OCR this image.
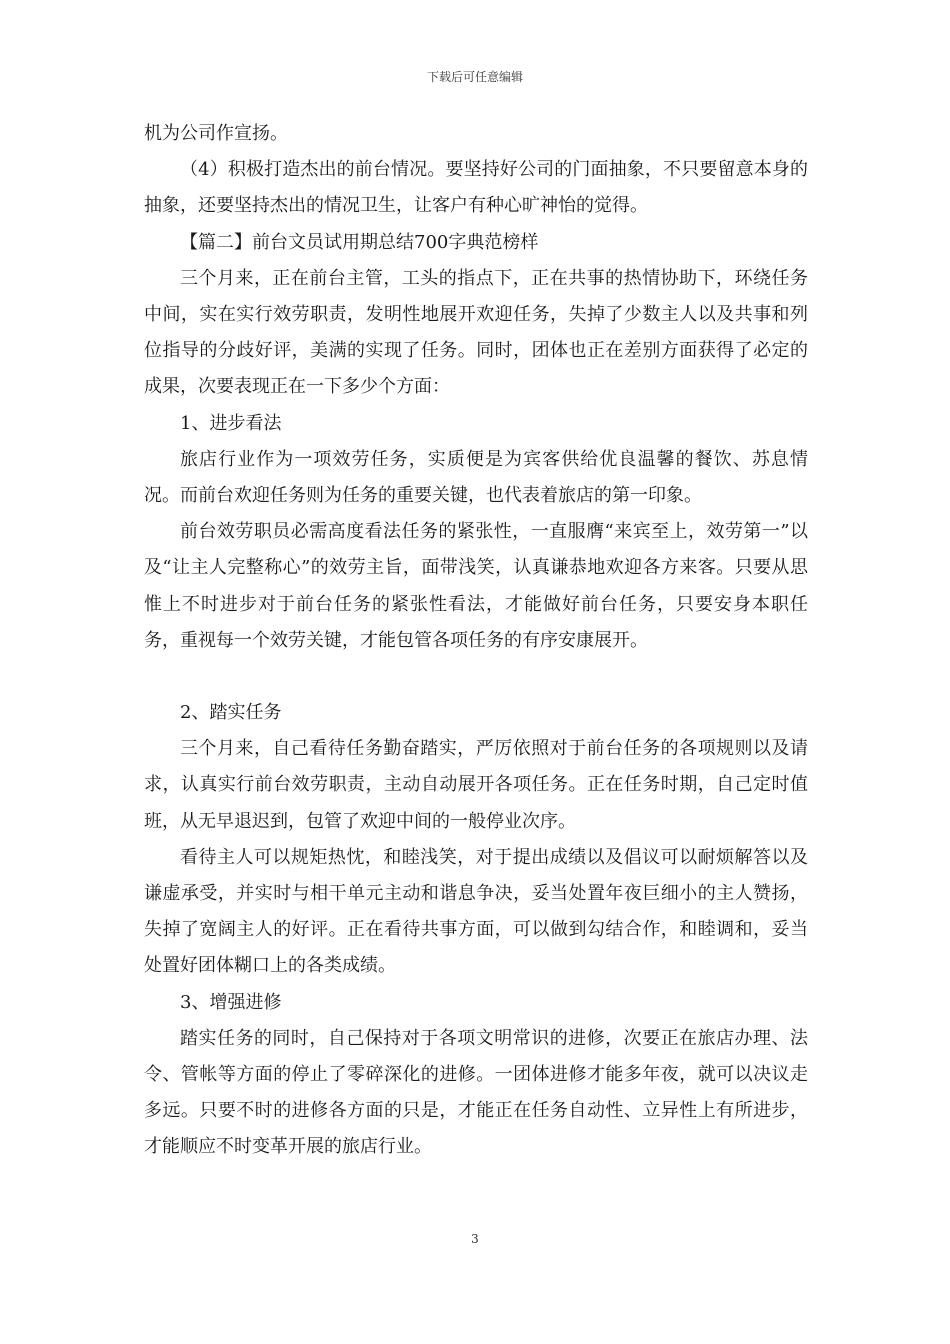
下载后可任意编辑

机为公司作宣扬。

（4）积极打造杰出的前台情况。要坚持好公司的门面抽象，不只要留意本身的抽象，还要坚持杰出的情况卫生，让客户有种心旷神怡的觉得。

【篇二】前台文员试用期总结700字典范榜样

三个月来，正在前台主管，工头的指点下，正在共事的热情协助下，环绕任务中间，实在实行效劳职责，发明性地展开欢迎任务，失掉了少数主人以及共事和列位指导的分歧好评，美满的实现了任务。同时，团体也正在差别方面获得了必定的成果，次要表现正在一下多少个方面：

1、进步看法

旅店行业作为一项效劳任务，实质便是为宾客供给优良温馨的餐饮、苏息情况。而前台欢迎任务则为任务的重要关键，也代表着旅店的第一印象。

前台效劳职员必需高度看法任务的紧张性，一直服膺“来宾至上，效劳第一”以及“让主人完整称心”的效劳主旨，面带浅笑，认真谦恭地欢迎各方来客。只要从思惟上不时进步对于前台任务的紧张性看法，才能做好前台任务，只要安身本职任务，重视每一个效劳关键，才能包管各项任务的有序安康展开。

2、踏实任务

三个月来，自己看待任务勤奋踏实，严厉依照对于前台任务的各项规则以及请求，认真实行前台效劳职责，主动自动展开各项任务。正在任务时期，自己定时值班，从无早退迟到，包管了欢迎中间的一般停业次序。

看待主人可以规矩热忱，和睦浅笑，对于提出成绩以及倡议可以耐烦解答以及谦虚承受，并实时与相干单元主动和谐息争决，妥当处置年夜巨细小的主人赞扬，失掉了宽阔主人的好评。正在看待共事方面，可以做到勾结合作，和睦调和，妥当处置好团体糊口上的各类成绩。

3、增强进修

踏实任务的同时，自己保持对于各项文明常识的进修，次要正在旅店办理、法令、管帐等方面的停止了零碎深化的进修。一团体进修才能多年夜，就可以决议走多远。只要不时的进修各方面的只是，才能正在任务自动性、立异性上有所进步，才能顺应不时变革开展的旅店行业。

3
